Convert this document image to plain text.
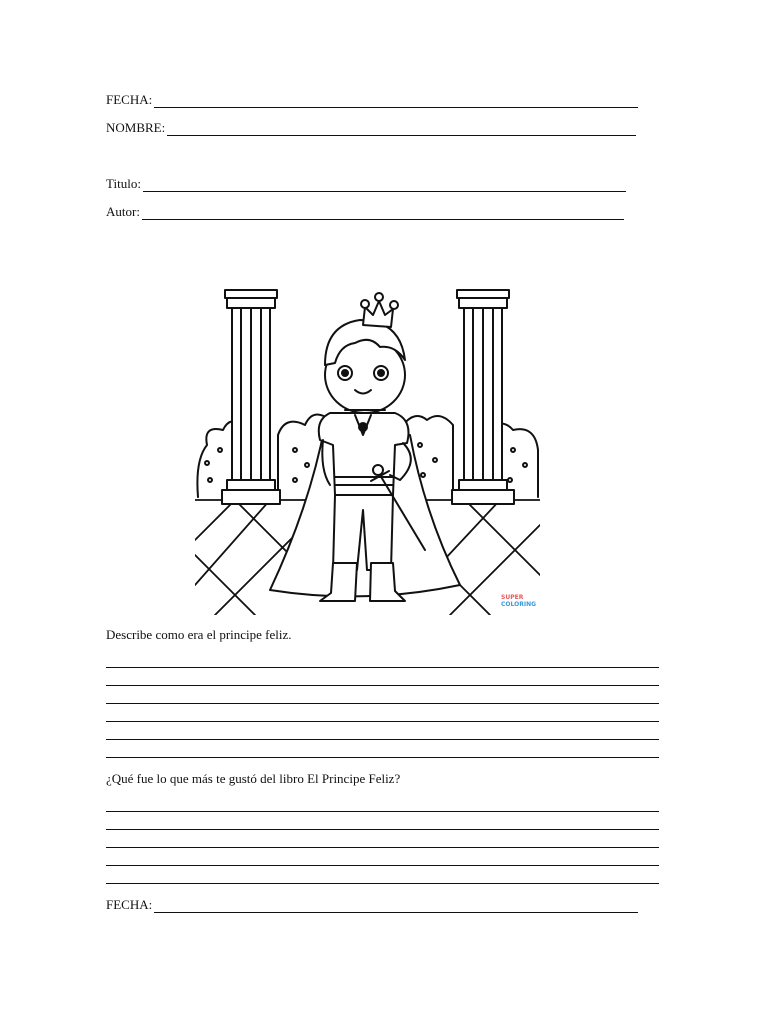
FECHA:
NOMBRE:
Titulo:
Autor:
SUPER
COLORING
Describe como era el principe feliz.
¿Qué fue lo que más te gustó del libro El Principe Feliz?
FECHA:
